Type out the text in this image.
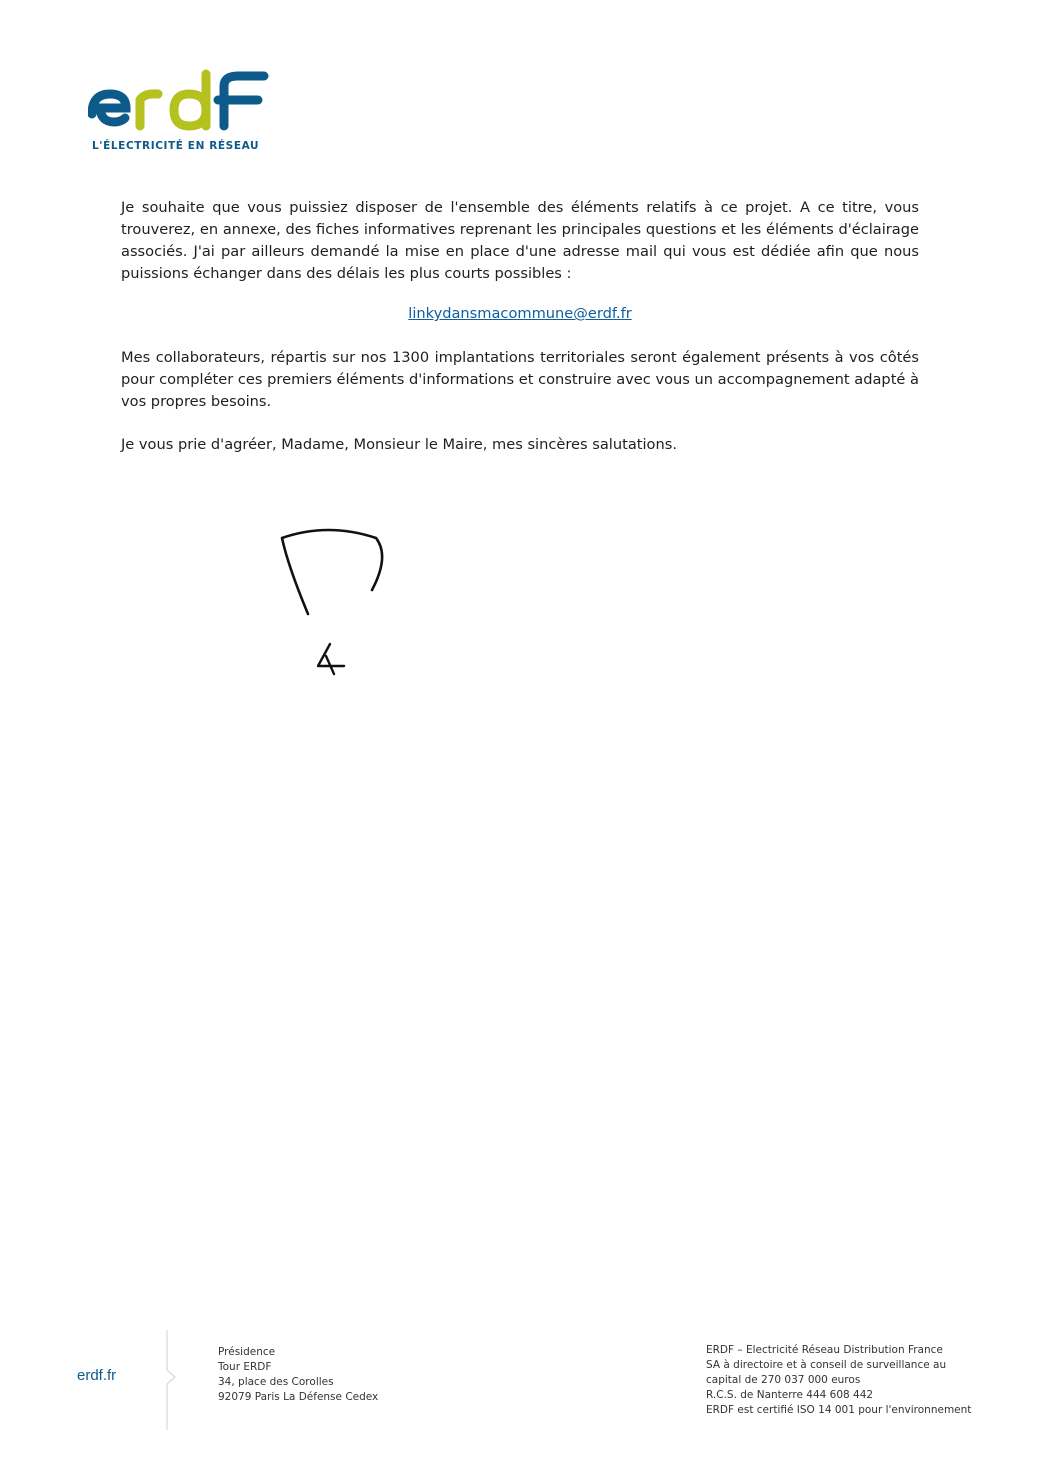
L'ÉLECTRICITÉ EN RÉSEAU
Je souhaite que vous puissiez disposer de l'ensemble des éléments relatifs à ce projet. A ce titre, vous trouverez, en annexe, des fiches informatives reprenant les principales questions et les éléments d'éclairage associés. J'ai par ailleurs demandé la mise en place d'une adresse mail qui vous est dédiée afin que nous puissions échanger dans des délais les plus courts possibles :
linkydansmacommune@erdf.fr
Mes collaborateurs, répartis sur nos 1300 implantations territoriales seront également présents à vos côtés pour compléter ces premiers éléments d'informations et construire avec vous un accompagnement adapté à vos propres besoins.
Je vous prie d'agréer, Madame, Monsieur le Maire, mes sincères salutations.
erdf.fr
Présidence
Tour ERDF
34, place des Corolles
92079 Paris La Défense Cedex
ERDF – Electricité Réseau Distribution France
SA à directoire et à conseil de surveillance au
capital de 270 037 000 euros
R.C.S. de Nanterre 444 608 442
ERDF est certifié ISO 14 001 pour l'environnement
